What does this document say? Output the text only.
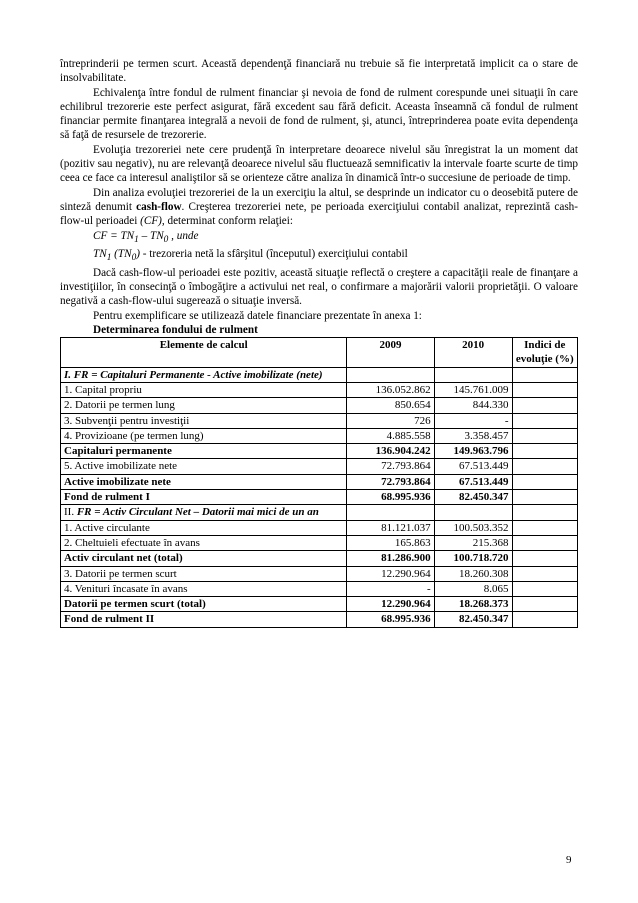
întreprinderii pe termen scurt. Această dependenţă financiară nu trebuie să fie interpretată implicit ca o stare de insolvabilitate.

Echivalenţa între fondul de rulment financiar şi nevoia de fond de rulment corespunde unei situaţii în care echilibrul trezorerie este perfect asigurat, fără excedent sau fără deficit. Aceasta înseamnă că fondul de rulment financiar permite finanţarea integrală a nevoii de fond de rulment, şi, atunci, întreprinderea poate evita dependenţa să faţă de resursele de trezorerie.

Evoluţia trezoreriei nete cere prudenţă în interpretare deoarece nivelul său înregistrat la un moment dat (pozitiv sau negativ), nu are relevanţă deoarece nivelul său fluctuează semnificativ la intervale foarte scurte de timp ceea ce face ca interesul analiştilor să se orienteze către analiza în dinamică într-o succesiune de perioade de timp.

Din analiza evoluţiei trezoreriei de la un exerciţiu la altul, se desprinde un indicator cu o deosebită putere de sinteză denumit cash-flow. Creşterea trezoreriei nete, pe perioada exerciţiului contabil analizat, reprezintă cash-flow-ul perioadei (CF), determinat conform relaţiei:

CF = $TN_1 - TN_0$ , unde

$TN_1$ $(TN_0)$ - trezoreria netă la sfârşitul (începutul) exerciţiului contabil

Dacă cash-flow-ul perioadei este pozitiv, această situaţie reflectă o creştere a capacităţii reale de finanţare a investiţiilor, în consecinţă o îmbogăţire a activului net real, o confirmare a majorării valorii proprietăţii. O valoare negativă a cash-flow-ului sugerează o situaţie inversă.

Pentru exemplificare se utilizează datele financiare prezentate în anexa 1:

Determinarea fondului de rulment

Elemente de calcul	2009	2010	Indici de evoluţie (%)
I. FR = Capitaluri Permanente - Active imobilizate (nete)			
1. Capital propriu	136.052.862	145.761.009	
2. Datorii pe termen lung	850.654	844.330	
3. Subvenţii pentru investiţii	726	-	
4. Provizioane (pe termen lung)	4.885.558	3.358.457	
Capitaluri permanente	136.904.242	149.963.796	
5. Active imobilizate nete	72.793.864	67.513.449	
Active imobilizate nete	72.793.864	67.513.449	
Fond de rulment I	68.995.936	82.450.347	
II. FR = Activ Circulant Net – Datorii mai mici de un an			
1. Active circulante	81.121.037	100.503.352	
2. Cheltuieli efectuate în avans	165.863	215.368	
Activ circulant net (total)	81.286.900	100.718.720	
3. Datorii pe termen scurt	12.290.964	18.260.308	
4. Venituri încasate în avans	-	8.065	
Datorii pe termen scurt (total)	12.290.964	18.268.373	
Fond de rulment II	68.995.936	82.450.347	
9
